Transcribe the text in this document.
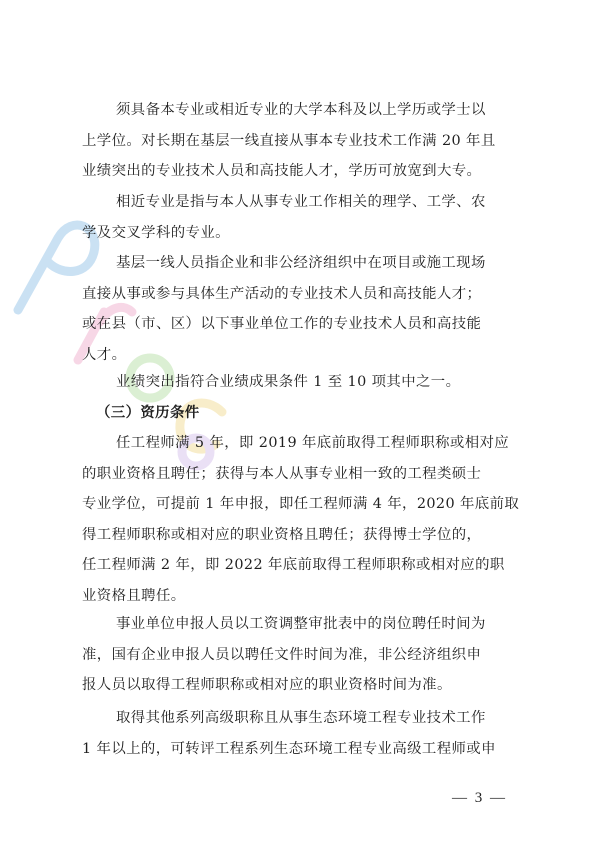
须具备本专业或相近专业的大学本科及以上学历或学士以

上学位。对长期在基层一线直接从事本专业技术工作满 20 年且

业绩突出的专业技术人员和高技能人才，学历可放宽到大专。

相近专业是指与本人从事专业工作相关的理学、工学、农

学及交叉学科的专业。

基层一线人员指企业和非公经济组织中在项目或施工现场

直接从事或参与具体生产活动的专业技术人员和高技能人才；

或在县（市、区）以下事业单位工作的专业技术人员和高技能

人才。

业绩突出指符合业绩成果条件 1 至 10 项其中之一。

（三）资历条件

任工程师满 5 年，即 2019 年底前取得工程师职称或相对应

的职业资格且聘任；获得与本人从事专业相一致的工程类硕士

专业学位，可提前 1 年申报，即任工程师满 4 年，2020 年底前取

得工程师职称或相对应的职业资格且聘任；获得博士学位的，

任工程师满 2 年，即 2022 年底前取得工程师职称或相对应的职

业资格且聘任。

事业单位申报人员以工资调整审批表中的岗位聘任时间为

准，国有企业申报人员以聘任文件时间为准，非公经济组织申

报人员以取得工程师职称或相对应的职业资格时间为准。

取得其他系列高级职称且从事生态环境工程专业技术工作

1 年以上的，可转评工程系列生态环境工程专业高级工程师或申

— 3 —
